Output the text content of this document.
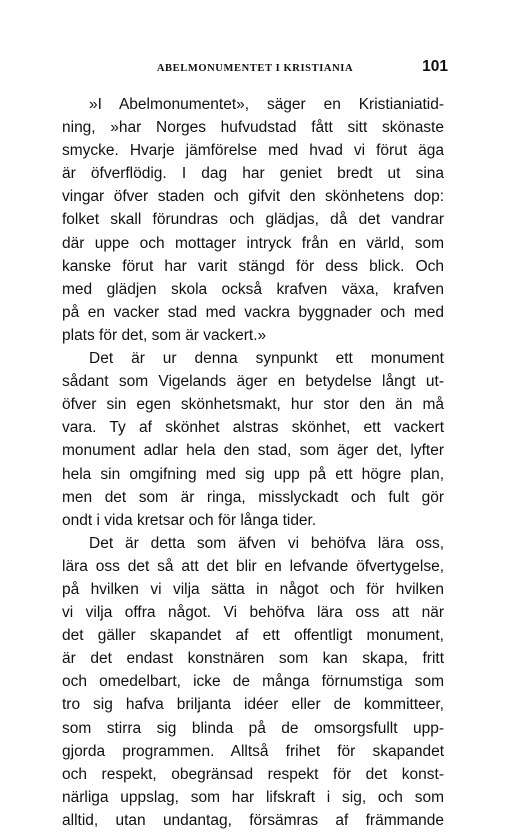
ABELMONUMENTET I KRISTIANIA	101

»I Abelmonumentet», säger en Kristianiatid-
ning, »har Norges hufvudstad fått sitt skönaste
smycke. Hvarje jämförelse med hvad vi förut äga
är öfverflödig. I dag har geniet bredt ut sina
vingar öfver staden och gifvit den skönhetens dop:
folket skall förundras och glädjas, då det vandrar
där uppe och mottager intryck från en värld, som
kanske förut har varit stängd för dess blick. Och
med glädjen skola också krafven växa, krafven
på en vacker stad med vackra byggnader och med
plats för det, som är vackert.»

Det är ur denna synpunkt ett monument
sådant som Vigelands äger en betydelse långt ut-
öfver sin egen skönhetsmakt, hur stor den än må
vara. Ty af skönhet alstras skönhet, ett vackert
monument adlar hela den stad, som äger det, lyfter
hela sin omgifning med sig upp på ett högre plan,
men det som är ringa, misslyckadt och fult gör
ondt i vida kretsar och för långa tider.

Det är detta som äfven vi behöfva lära oss,
lära oss det så att det blir en lefvande öfvertygelse,
på hvilken vi vilja sätta in något och för hvilken
vi vilja offra något. Vi behöfva lära oss att när
det gäller skapandet af ett offentligt monument,
är det endast konstnären som kan skapa, fritt
och omedelbart, icke de många förnumstiga som
tro sig hafva briljanta idéer eller de kommitteer,
som stirra sig blinda på de omsorgsfullt upp-
gjorda programmen. Alltså frihet för skapandet
och respekt, obegränsad respekt för det konst-
närliga uppslag, som har lifskraft i sig, och som
alltid, utan undantag, försämras af främmande
